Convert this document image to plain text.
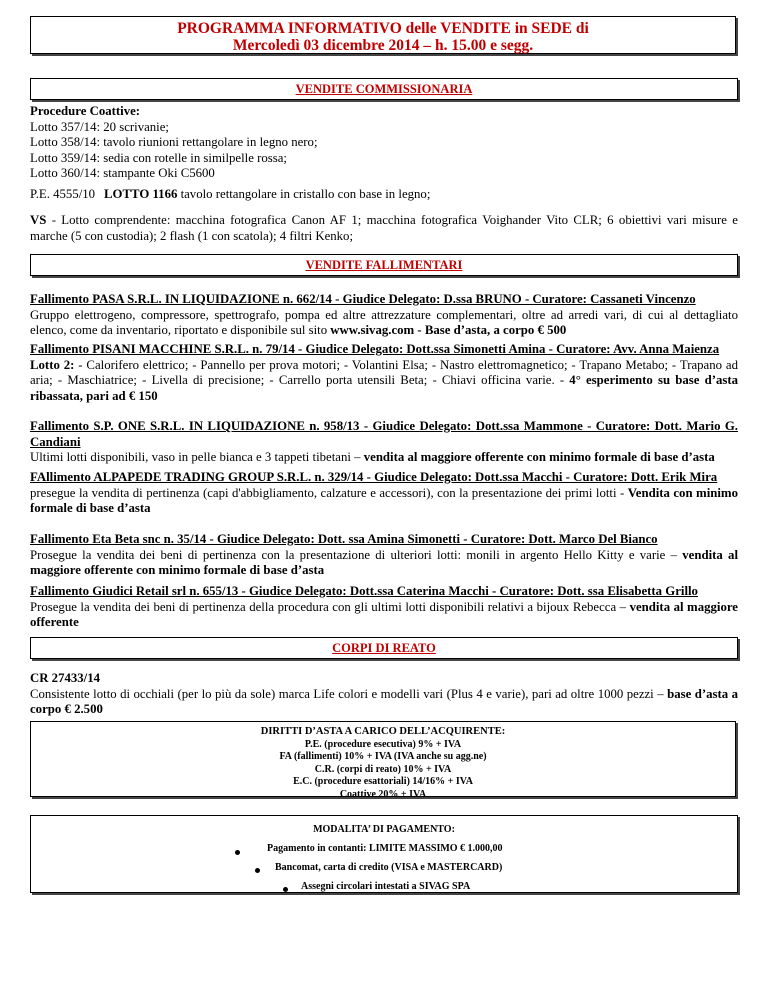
PROGRAMMA INFORMATIVO delle VENDITE in SEDE di
Mercoledì 03 dicembre 2014 – h. 15.00 e segg.
VENDITE COMMISSIONARIA

Procedure Coattive:

Lotto 357/14: 20 scrivanie;

Lotto 358/14: tavolo riunioni rettangolare in legno nero;

Lotto 359/14: sedia con rotelle in similpelle rossa;

Lotto 360/14: stampante Oki C5600

P.E. 4555/10 LOTTO 1166 tavolo rettangolare in cristallo con base in legno;
VS - Lotto comprendente: macchina fotografica Canon AF 1; macchina fotografica Voighander Vito CLR; 6 obiettivi vari misure e marche (5 con custodia); 2 flash (1 con scatola); 4 filtri Kenko;
VENDITE FALLIMENTARI

Fallimento PASA S.R.L. IN LIQUIDAZIONE n. 662/14 - Giudice Delegato: D.ssa BRUNO - Curatore: Cassaneti Vincenzo

Gruppo elettrogeno, compressore, spettrografo, pompa ed altre attrezzature complementari, oltre ad arredi vari, di cui al dettagliato elenco, come da inventario, riportato e disponibile sul sito www.sivag.com - Base d’asta, a corpo € 500

Fallimento PISANI MACCHINE S.R.L. n. 79/14 - Giudice Delegato: Dott.ssa Simonetti Amina - Curatore: Avv. Anna Maienza

Lotto 2: - Calorifero elettrico; - Pannello per prova motori; - Volantini Elsa; - Nastro elettromagnetico; - Trapano Metabo; - Trapano ad aria; - Maschiatrice; - Livella di precisione; - Carrello porta utensili Beta; - Chiavi officina varie. - 4° esperimento su base d’asta ribassata, pari ad € 150

Fallimento S.P. ONE S.R.L. IN LIQUIDAZIONE n. 958/13 - Giudice Delegato: Dott.ssa Mammone - Curatore: Dott. Mario G. Candiani

Ultimi lotti disponibili, vaso in pelle bianca e 3 tappeti tibetani – vendita al maggiore offerente con minimo formale di base d’asta

FAllimento ALPAPEDE TRADING GROUP S.R.L. n. 329/14 - Giudice Delegato: Dott.ssa Macchi - Curatore: Dott. Erik Mira

presegue la vendita di pertinenza (capi d'abbigliamento, calzature e accessori), con la presentazione dei primi lotti - Vendita con minimo formale di base d’asta

Fallimento Eta Beta snc n. 35/14 - Giudice Delegato: Dott. ssa Amina Simonetti - Curatore: Dott. Marco Del Bianco

Prosegue la vendita dei beni di pertinenza con la presentazione di ulteriori lotti: monili in argento Hello Kitty e varie – vendita al maggiore offerente con minimo formale di base d’asta

Fallimento Giudici Retail srl n. 655/13 - Giudice Delegato: Dott.ssa Caterina Macchi - Curatore: Dott. ssa Elisabetta Grillo

Prosegue la vendita dei beni di pertinenza della procedura con gli ultimi lotti disponibili relativi a bijoux Rebecca – vendita al maggiore offerente

CORPI DI REATO

CR 27433/14

Consistente lotto di occhiali (per lo più da sole) marca Life colori e modelli vari (Plus 4 e varie), pari ad oltre 1000 pezzi – base d’asta a corpo € 2.500

DIRITTI D’ASTA A CARICO DELL’ACQUIRENTE:
P.E. (procedure esecutiva) 9% + IVA
FA (fallimenti) 10% + IVA (IVA anche su agg.ne)
C.R. (corpi di reato) 10% + IVA
E.C. (procedure esattoriali) 14/16% + IVA
Coattive 20% + IVA
MODALITA’ DI PAGAMENTO:
Pagamento in contanti: LIMITE MASSIMO € 1.000,00
Bancomat, carta di credito (VISA e MASTERCARD)
Assegni circolari intestati a SIVAG SPA
